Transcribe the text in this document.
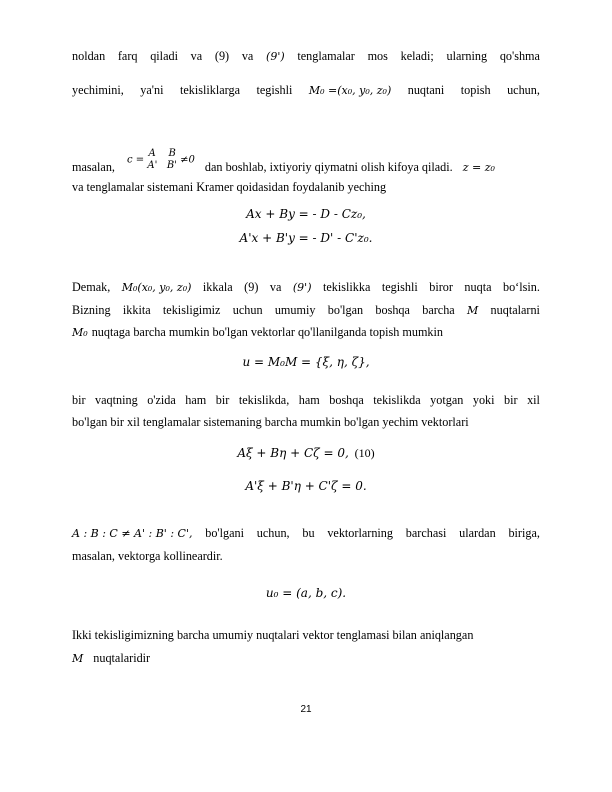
noldan farq qiladi va (9) va (9') tenglamalar mos keladi; ularning qo'shma
yechimini, ya'ni tekisliklarga tegishli M₀ =(x₀, y₀, z₀) nuqtani topish uchun,
masalan, c =
A B
A' B' ≠0 dan boshlab, ixtiyoriy qiymatni olish kifoya qiladi. z = z₀
va tenglamalar sistemani Kramer qoidasidan foydalanib yeching
Ax + By = - D - Cz₀,
A'x + B'y = - D' - C'z₀.
Demak, M₀(x₀, y₀, z₀) ikkala (9) va (9') tekislikka tegishli biror nuqta bo‘lsin.
Bizning ikkita tekisligimiz uchun umumiy bo'lgan boshqa barcha M nuqtalarni
M₀ nuqtaga barcha mumkin bo'lgan vektorlar qo'llanilganda topish mumkin
u = M₀M = {ξ, η, ζ},
bir vaqtning o'zida ham bir tekislikda, ham boshqa tekislikda yotgan yoki bir xil
bo'lgan bir xil tenglamalar sistemaning barcha mumkin bo'lgan yechim vektorlari
Aξ + Bη + Cζ = 0, (10)
A'ξ + B'η + C'ζ = 0.
A : B : C ≠ A' : B' : C', bo'lgani uchun, bu vektorlarning barchasi ulardan biriga,
masalan, vektorga kollineardir.
u₀ = (a, b, c).
Ikki tekisligimizning barcha umumiy nuqtalari vektor tenglamasi bilan aniqlangan
M nuqtalaridir
21
